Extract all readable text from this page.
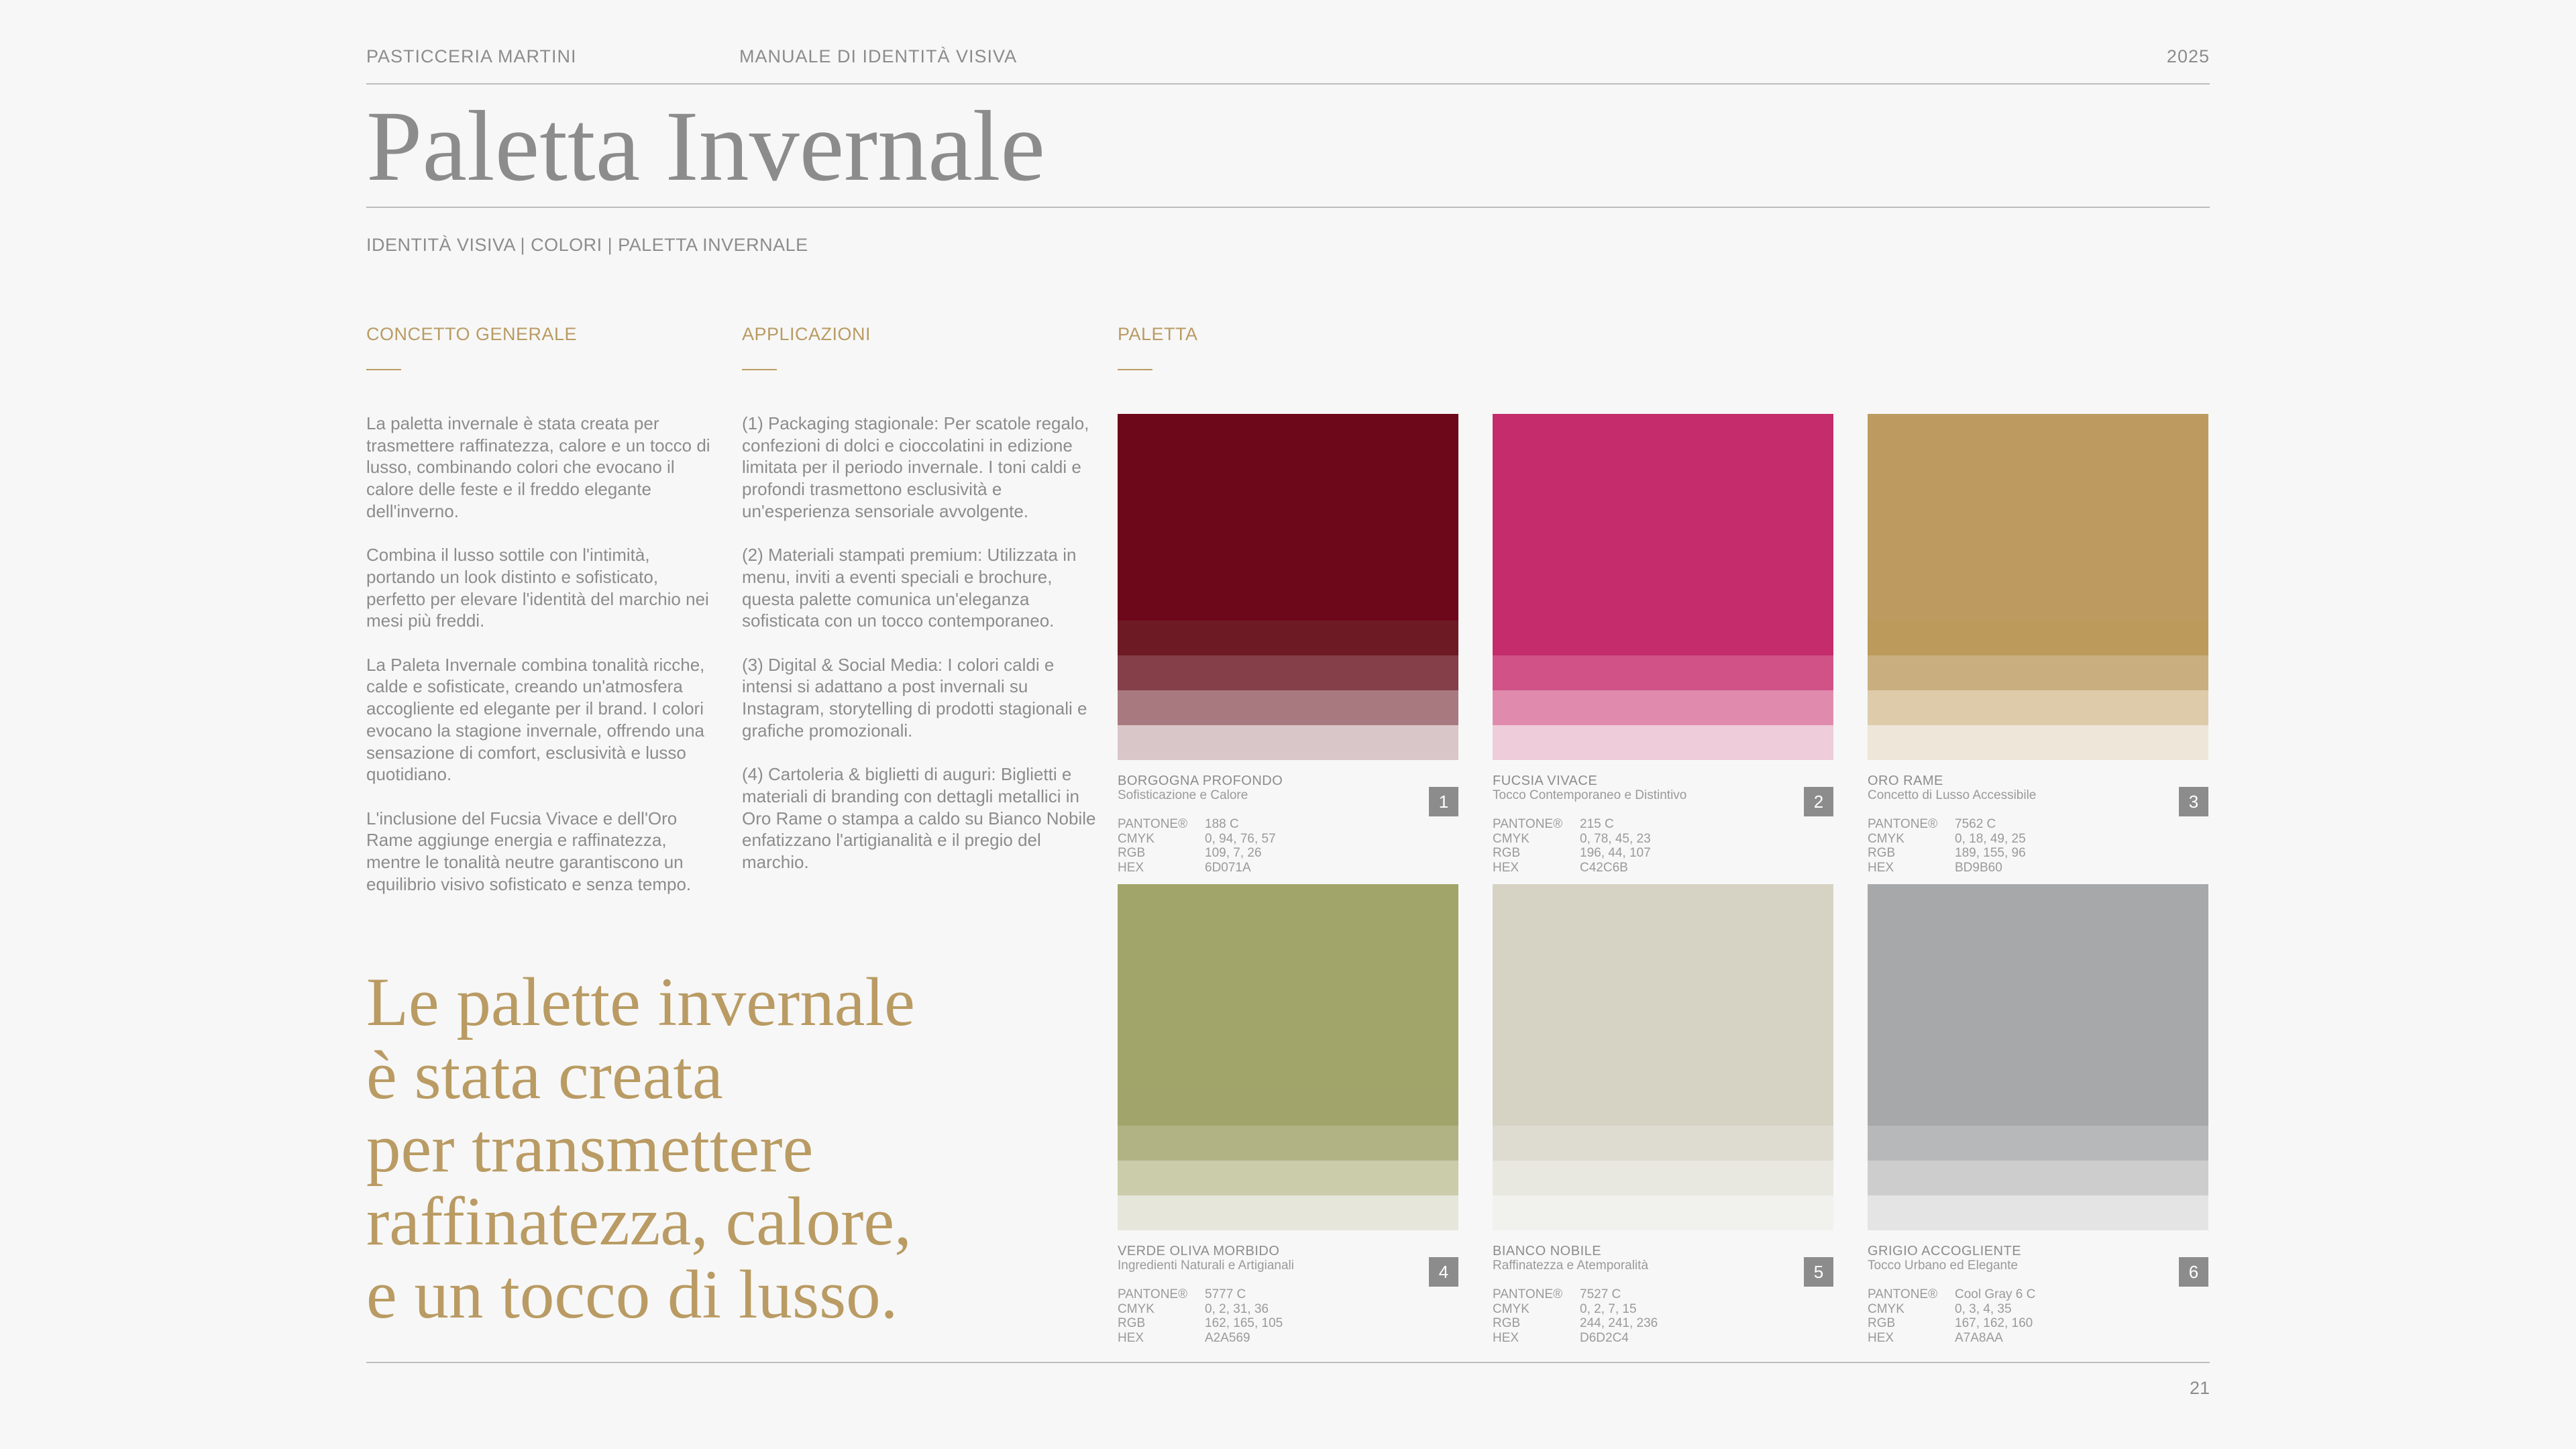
PASTICCERIA MARTINI	MANUALE DI IDENTITÀ VISIVA	2025
Paletta Invernale
IDENTITÀ VISIVA | COLORI | PALETTA INVERNALE
CONCETTO GENERALE	APPLICAZIONI	PALETTA

La paletta invernale è stata creata per trasmettere raffinatezza, calore e un tocco di lusso, combinando colori che evocano il calore delle feste e il freddo elegante dell'inverno.

Combina il lusso sottile con l'intimità, portando un look distinto e sofisticato, perfetto per elevare l'identità del marchio nei mesi più freddi.

La Paleta Invernale combina tonalità ricche, calde e sofisticate, creando un'atmosfera accogliente ed elegante per il brand. I colori evocano la stagione invernale, offrendo una sensazione di comfort, esclusività e lusso quotidiano.

L'inclusione del Fucsia Vivace e dell'Oro Rame aggiunge energia e raffinatezza, mentre le tonalità neutre garantiscono un equilibrio visivo sofisticato e senza tempo.

(1) Packaging stagionale: Per scatole regalo, confezioni di dolci e cioccolatini in edizione limitata per il periodo invernale. I toni caldi e profondi trasmettono esclusività e un'esperienza sensoriale avvolgente.

(2) Materiali stampati premium: Utilizzata in menu, inviti a eventi speciali e brochure, questa palette comunica un'eleganza sofisticata con un tocco contemporaneo.

(3) Digital & Social Media: I colori caldi e intensi si adattano a post invernali su Instagram, storytelling di prodotti stagionali e grafiche promozionali.

(4) Cartoleria & biglietti di auguri: Biglietti e materiali di branding con dettagli metallici in Oro Rame o stampa a caldo su Bianco Nobile enfatizzano l'artigianalità e il pregio del marchio.

Le palette invernale
è stata creata
per transmettere
raffinatezza, calore,
e un tocco di lusso.
1
BORGOGNA PROFONDO
Sofisticazione e Calore
PANTONE®	188 C
CMYK	0, 94, 76, 57
RGB	109, 7, 26
HEX	6D071A
2
FUCSIA VIVACE
Tocco Contemporaneo e Distintivo
PANTONE®	215 C
CMYK	0, 78, 45, 23
RGB	196, 44, 107
HEX	C42C6B
3
ORO RAME
Concetto di Lusso Accessibile
PANTONE®	7562 C
CMYK	0, 18, 49, 25
RGB	189, 155, 96
HEX	BD9B60
4
VERDE OLIVA MORBIDO
Ingredienti Naturali e Artigianali
PANTONE®	5777 C
CMYK	0, 2, 31, 36
RGB	162, 165, 105
HEX	A2A569
5
BIANCO NOBILE
Raffinatezza e Atemporalità
PANTONE®	7527 C
CMYK	0, 2, 7, 15
RGB	244, 241, 236
HEX	D6D2C4
6
GRIGIO ACCOGLIENTE
Tocco Urbano ed Elegante
PANTONE®	Cool Gray 6 C
CMYK	0, 3, 4, 35
RGB	167, 162, 160
HEX	A7A8AA
21
